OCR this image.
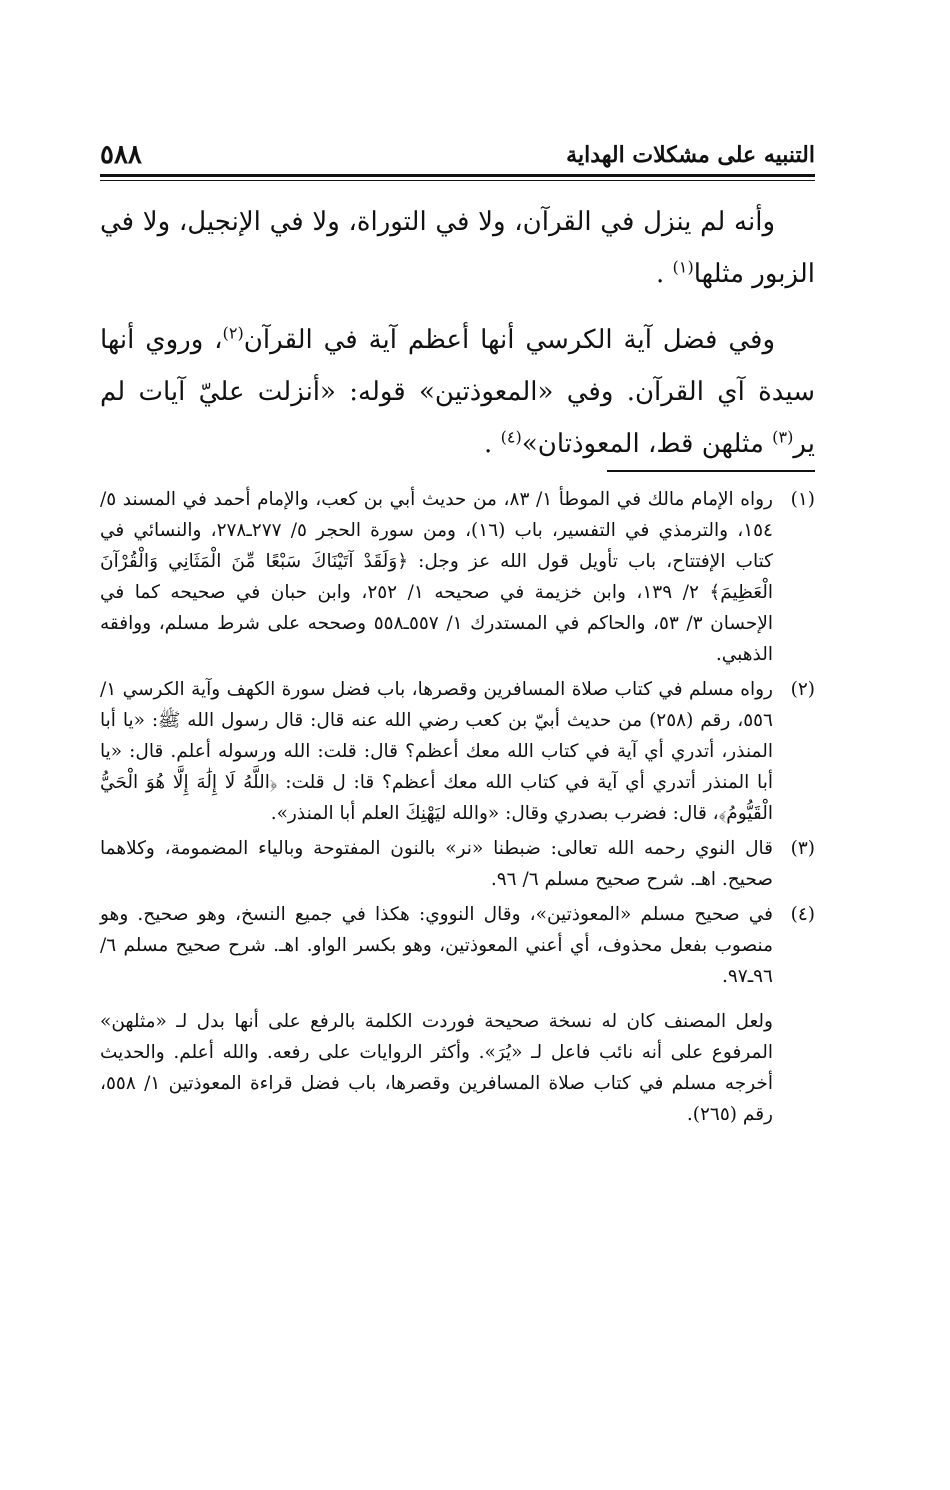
التنبيه على مشكلات الهداية
٥٨٨

وأنه لم ينزل في القرآن، ولا في التوراة، ولا في الإنجيل، ولا في الزبور مثلها$^{(١)}$ .

وفي فضل آية الكرسي أنها أعظم آية في القرآن$^{(٢)}$، وروي أنها سيدة آي القرآن. وفي «المعوذتين» قوله: «أنزلت عليّ آيات لم ير$^{(٣)}$ مثلهن قط، المعوذتان»$^{(٤)}$ .

(١)
رواه الإمام مالك في الموطأ ١/ ٨٣، من حديث أبي بن كعب، والإمام أحمد في المسند ٥/ ١٥٤، والترمذي في التفسير، باب (١٦)، ومن سورة الحجر ٥/ ٢٧٧ـ٢٧٨، والنسائي في كتاب الإفتتاح، باب تأويل قول الله عز وجل: ﴿وَلَقَدْ آتَيْنَاكَ سَبْعًا مِّنَ الْمَثَانِي وَالْقُرْآنَ الْعَظِيمَ﴾ ٢/ ١٣٩، وابن خزيمة في صحيحه ١/ ٢٥٢، وابن حبان في صحيحه كما في الإحسان ٣/ ٥٣، والحاكم في المستدرك ١/ ٥٥٧ـ٥٥٨ وصححه على شرط مسلم، ووافقه الذهبي.
(٢)
رواه مسلم في كتاب صلاة المسافرين وقصرها، باب فضل سورة الكهف وآية الكرسي ١/ ٥٥٦، رقم (٢٥٨) من حديث أبيّ بن كعب رضي الله عنه قال: قال رسول الله ﷺ: «يا أبا المنذر، أتدري أي آية في كتاب الله معك أعظم؟ قال: قلت: الله ورسوله أعلم. قال: «يا أبا المنذر أتدري أي آية في كتاب الله معك أعظم؟ قا: ل قلت: ﴿اللَّهُ لَا إِلَٰهَ إِلَّا هُوَ الْحَيُّ الْقَيُّومُ﴾، قال: فضرب بصدري وقال: «والله ليَهْنِكَ العلم أبا المنذر».
(٣)
قال النوي رحمه الله تعالى: ضبطنا «نر» بالنون المفتوحة وبالياء المضمومة، وكلاهما صحيح. اهـ. شرح صحيح مسلم ٦/ ٩٦.
(٤)
في صحيح مسلم «المعوذتين»، وقال النووي: هكذا في جميع النسخ، وهو صحيح. وهو منصوب بفعل محذوف، أي أعني المعوذتين، وهو بكسر الواو. اهـ. شرح صحيح مسلم ٦/ ٩٦ـ٩٧.
ولعل المصنف كان له نسخة صحيحة فوردت الكلمة بالرفع على أنها بدل لـ «مثلهن» المرفوع على أنه نائب فاعل لـ «يُرَ». وأكثر الروايات على رفعه. والله أعلم. والحديث أخرجه مسلم في كتاب صلاة المسافرين وقصرها، باب فضل قراءة المعوذتين ١/ ٥٥٨، رقم (٢٦٥).
